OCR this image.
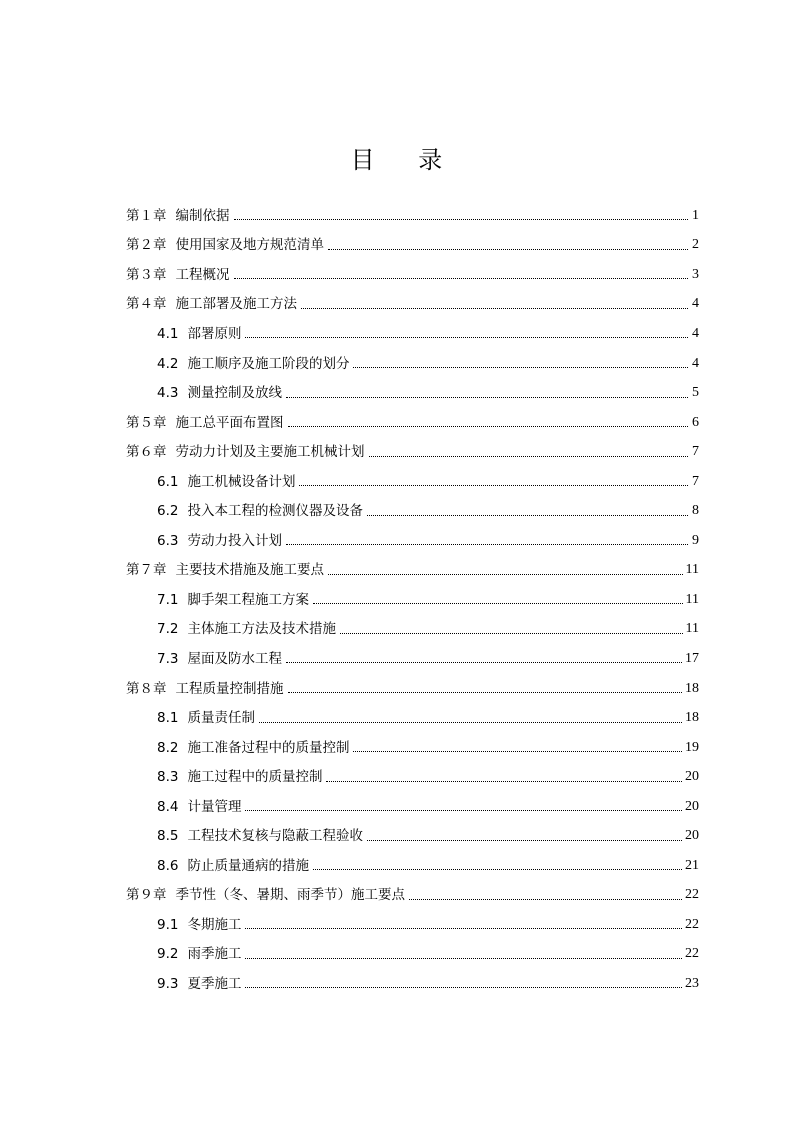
目 录
第１章 编制依据	1
第２章 使用国家及地方规范清单	2
第３章 工程概况	3
第４章 施工部署及施工方法	4
4.1 部署原则	4
4.2 施工顺序及施工阶段的划分	4
4.3 测量控制及放线	5
第５章 施工总平面布置图	6
第６章 劳动力计划及主要施工机械计划	7
6.1 施工机械设备计划	7
6.2 投入本工程的检测仪器及设备	8
6.3 劳动力投入计划	9
第７章 主要技术措施及施工要点	11
7.1 脚手架工程施工方案	11
7.2 主体施工方法及技术措施	11
7.3 屋面及防水工程	17
第８章 工程质量控制措施	18
8.1 质量责任制	18
8.2 施工准备过程中的质量控制	19
8.3 施工过程中的质量控制	20
8.4 计量管理	20
8.5 工程技术复核与隐蔽工程验收	20
8.6 防止质量通病的措施	21
第９章 季节性（冬、暑期、雨季节）施工要点	22
9.1 冬期施工	22
9.2 雨季施工	22
9.3 夏季施工	23
